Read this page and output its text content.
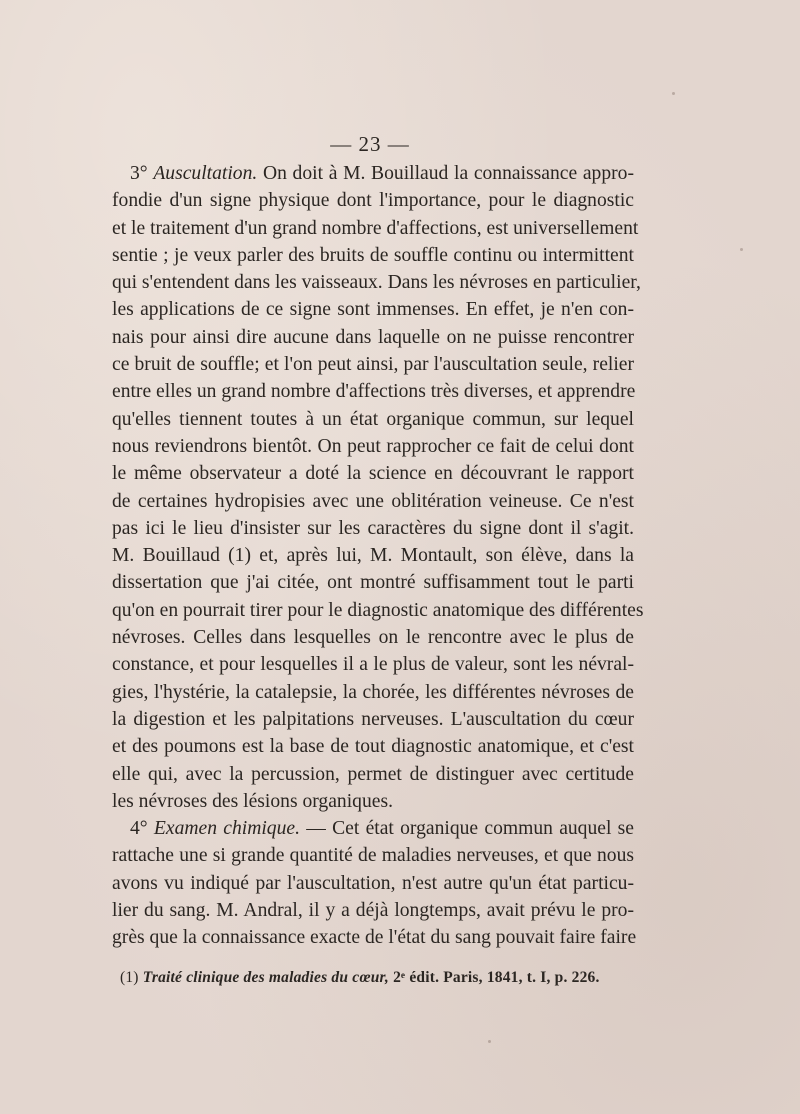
— 23 —
3° Auscultation. On doit à M. Bouillaud la connaissance appro-
fondie d'un signe physique dont l'importance, pour le diagnostic
et le traitement d'un grand nombre d'affections, est universellement
sentie ; je veux parler des bruits de souffle continu ou intermittent
qui s'entendent dans les vaisseaux. Dans les névroses en particulier,
les applications de ce signe sont immenses. En effet, je n'en con-
nais pour ainsi dire aucune dans laquelle on ne puisse rencontrer
ce bruit de souffle; et l'on peut ainsi, par l'auscultation seule, relier
entre elles un grand nombre d'affections très diverses, et apprendre
qu'elles tiennent toutes à un état organique commun, sur lequel
nous reviendrons bientôt. On peut rapprocher ce fait de celui dont
le même observateur a doté la science en découvrant le rapport
de certaines hydropisies avec une oblitération veineuse. Ce n'est
pas ici le lieu d'insister sur les caractères du signe dont il s'agit.
M. Bouillaud (1) et, après lui, M. Montault, son élève, dans la
dissertation que j'ai citée, ont montré suffisamment tout le parti
qu'on en pourrait tirer pour le diagnostic anatomique des différentes
névroses. Celles dans lesquelles on le rencontre avec le plus de
constance, et pour lesquelles il a le plus de valeur, sont les névral-
gies, l'hystérie, la catalepsie, la chorée, les différentes névroses de
la digestion et les palpitations nerveuses. L'auscultation du cœur
et des poumons est la base de tout diagnostic anatomique, et c'est
elle qui, avec la percussion, permet de distinguer avec certitude
les névroses des lésions organiques.
4° Examen chimique. — Cet état organique commun auquel se
rattache une si grande quantité de maladies nerveuses, et que nous
avons vu indiqué par l'auscultation, n'est autre qu'un état particu-
lier du sang. M. Andral, il y a déjà longtemps, avait prévu le pro-
grès que la connaissance exacte de l'état du sang pouvait faire faire
(1) Traité clinique des maladies du cœur, 2ᵉ édit. Paris, 1841, t. I, p. 226.
